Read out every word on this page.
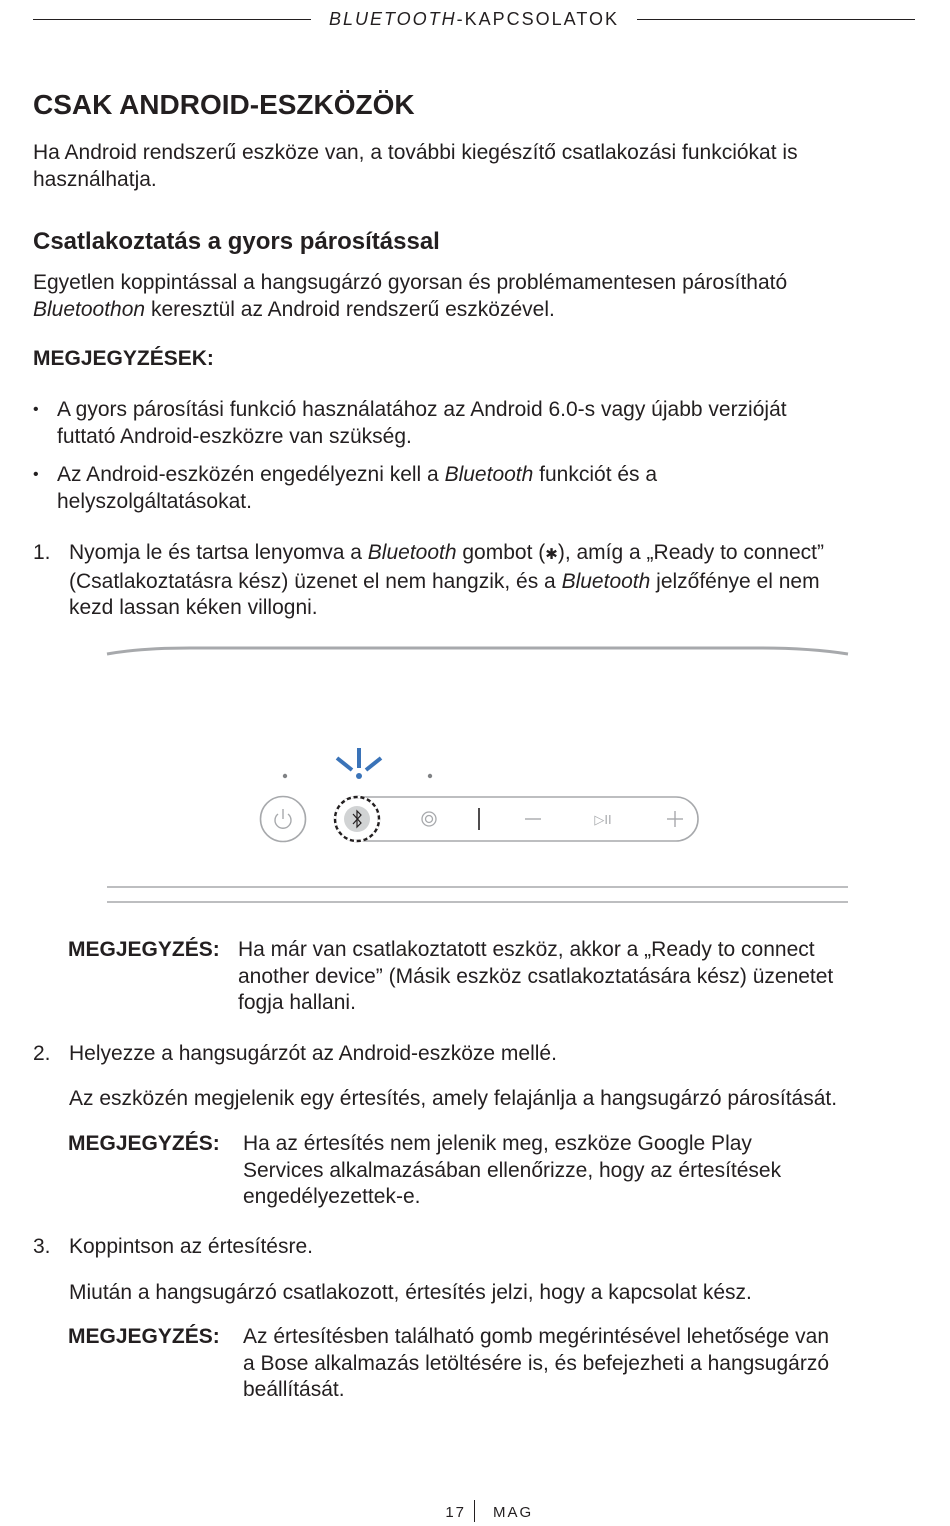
BLUETOOTH-KAPCSOLATOK
CSAK ANDROID-ESZKÖZÖK

Ha Android rendszerű eszköze van, a további kiegészítő csatlakozási funkciókat is használhatja.

Csatlakoztatás a gyors párosítással

Egyetlen koppintással a hangsugárzó gyorsan és problémamentesen párosítható

Bluetoothon keresztül az Android rendszerű eszközével.

MEGJEGYZÉSEK:

• A gyors párosítási funkció használatához az Android 6.0-s vagy újabb verzióját

futtató Android-eszközre van szükség.

• Az Android-eszközén engedélyezni kell a Bluetooth funkciót és a

helyszolgáltatásokat.

1. Nyomja le és tartsa lenyomva a Bluetooth gombot (✱), amíg a „Ready to connect”

(Csatlakoztatásra kész) üzenet el nem hangzik, és a Bluetooth jelzőfénye el nem

kezd lassan kéken villogni.

▷II
MEGJEGYZÉS: Ha már van csatlakoztatott eszköz, akkor a „Ready to connect

another device” (Másik eszköz csatlakoztatására kész) üzenetet

fogja hallani.

2. Helyezze a hangsugárzót az Android-eszköze mellé.

Az eszközén megjelenik egy értesítés, amely felajánlja a hangsugárzó párosítását.

MEGJEGYZÉS: Ha az értesítés nem jelenik meg, eszköze Google Play

Services alkalmazásában ellenőrizze, hogy az értesítések

engedélyezettek-e.

3. Koppintson az értesítésre.

Miután a hangsugárzó csatlakozott, értesítés jelzi, hogy a kapcsolat kész.

MEGJEGYZÉS: Az értesítésben található gomb megérintésével lehetősége van

a Bose alkalmazás letöltésére is, és befejezheti a hangsugárzó

beállítását.

17 MAG
